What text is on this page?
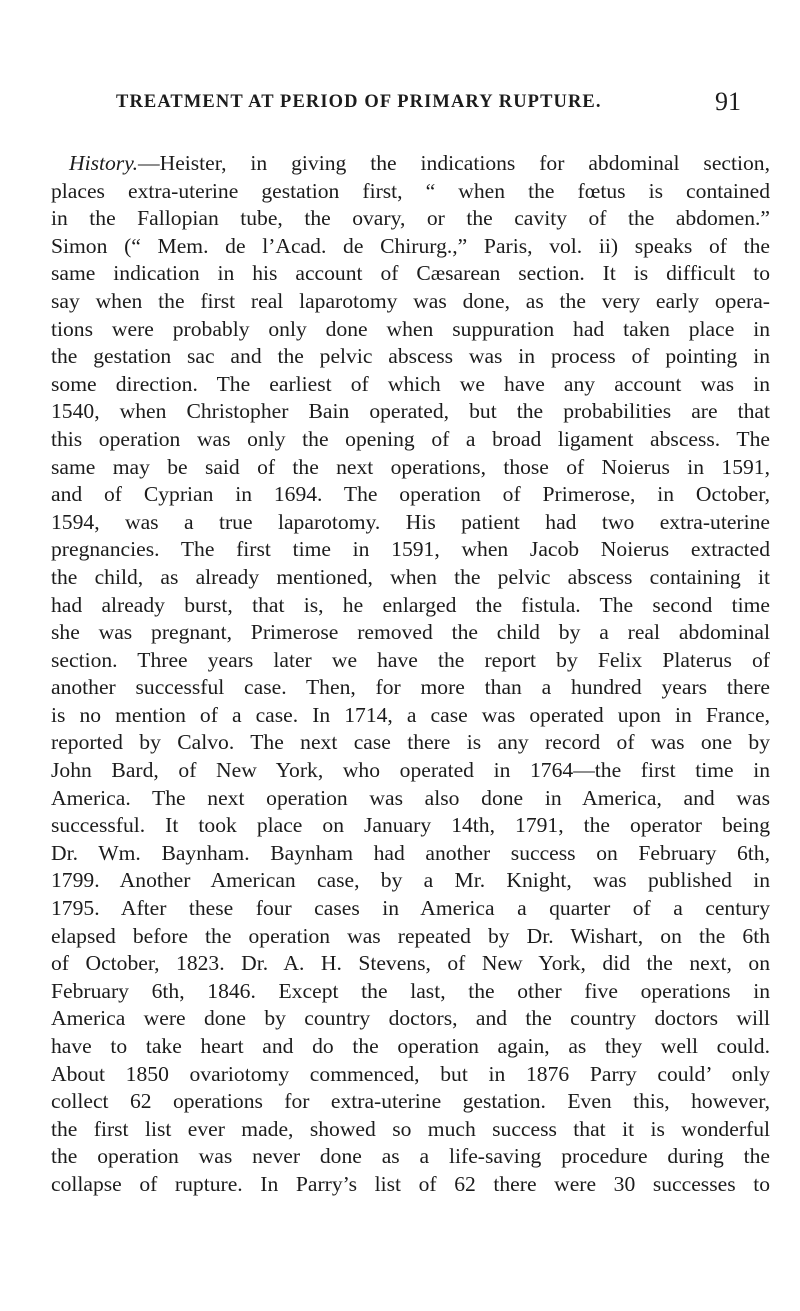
TREATMENT AT PERIOD OF PRIMARY RUPTURE.	91
History.—Heister, in giving the indications for abdominal section,
places extra-uterine gestation first, “ when the fœtus is contained
in the Fallopian tube, the ovary, or the cavity of the abdomen.”
Simon (“ Mem. de l’Acad. de Chirurg.,” Paris, vol. ii) speaks of the
same indication in his account of Cæsarean section. It is difficult to
say when the first real laparotomy was done, as the very early opera-
tions were probably only done when suppuration had taken place in
the gestation sac and the pelvic abscess was in process of pointing in
some direction. The earliest of which we have any account was in
1540, when Christopher Bain operated, but the probabilities are that
this operation was only the opening of a broad ligament abscess. The
same may be said of the next operations, those of Noierus in 1591,
and of Cyprian in 1694. The operation of Primerose, in October,
1594, was a true laparotomy. His patient had two extra-uterine
pregnancies. The first time in 1591, when Jacob Noierus extracted
the child, as already mentioned, when the pelvic abscess containing it
had already burst, that is, he enlarged the fistula. The second time
she was pregnant, Primerose removed the child by a real abdominal
section. Three years later we have the report by Felix Platerus of
another successful case. Then, for more than a hundred years there
is no mention of a case. In 1714, a case was operated upon in France,
reported by Calvo. The next case there is any record of was one by
John Bard, of New York, who operated in 1764—the first time in
America. The next operation was also done in America, and was
successful. It took place on January 14th, 1791, the operator being
Dr. Wm. Baynham. Baynham had another success on February 6th,
1799. Another American case, by a Mr. Knight, was published in
1795. After these four cases in America a quarter of a century
elapsed before the operation was repeated by Dr. Wishart, on the 6th
of October, 1823. Dr. A. H. Stevens, of New York, did the next, on
February 6th, 1846. Except the last, the other five operations in
America were done by country doctors, and the country doctors will
have to take heart and do the operation again, as they well could.
About 1850 ovariotomy commenced, but in 1876 Parry could’ only
collect 62 operations for extra-uterine gestation. Even this, however,
the first list ever made, showed so much success that it is wonderful
the operation was never done as a life-saving procedure during the
collapse of rupture. In Parry’s list of 62 there were 30 successes to
